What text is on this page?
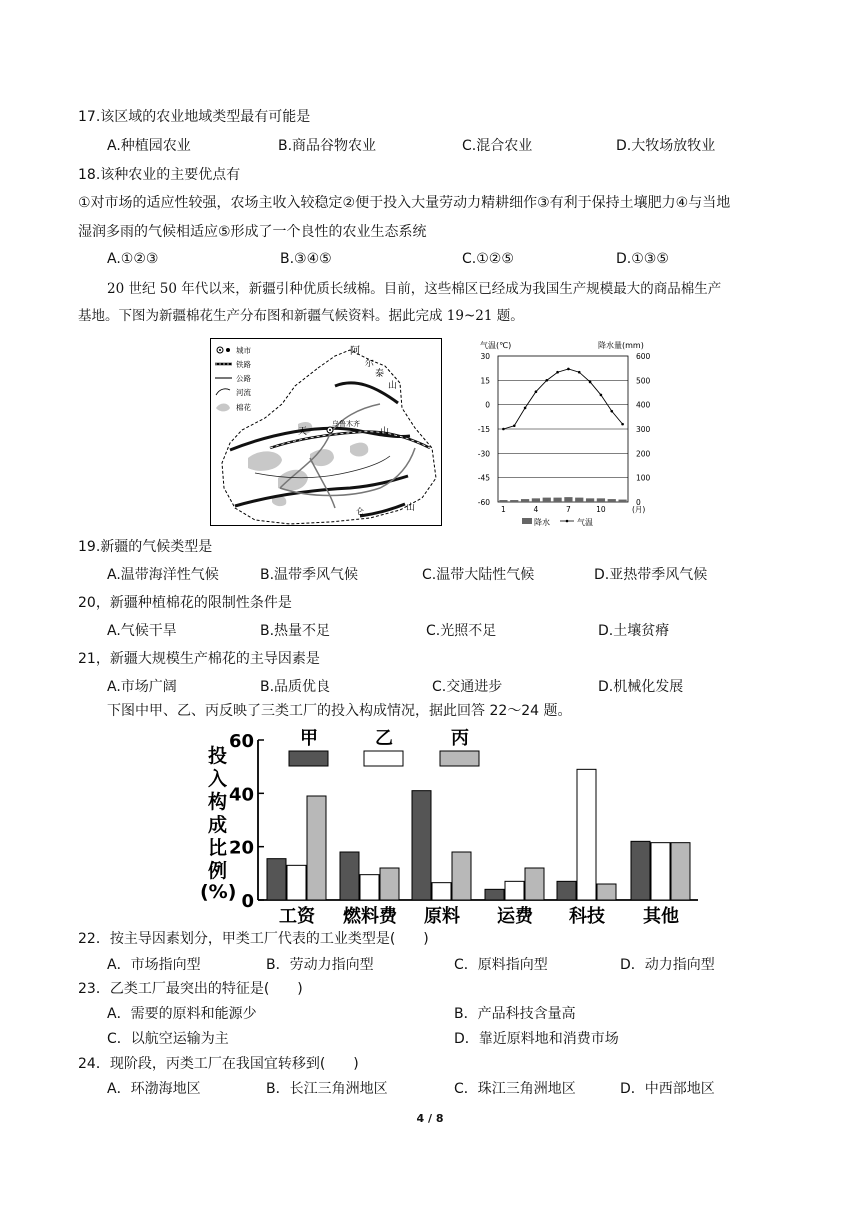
17.该区域的农业地域类型最有可能是
A.种植园农业	B.商品谷物农业	C.混合农业	D.大牧场放牧业
18.该种农业的主要优点有
①对市场的适应性较强，农场主收入较稳定②便于投入大量劳动力精耕细作③有利于保持土壤肥力④与当地
湿润多雨的气候相适应⑤形成了一个良性的农业生态系统
A.①②③	B.③④⑤	C.①②⑤	D.①③⑤
20 世纪 50 年代以来，新疆引种优质长绒棉。目前，这些棉区已经成为我国生产规模最大的商品棉生产
基地。下图为新疆棉花生产分布图和新疆气候资料。据此完成 19~21 题。
城市
铁路
公路
河流
棉花
阿
尔
泰
山
乌鲁木齐
天	山
山
仑
气温(℃)	降水量(mm)
30
15
0
-15
-30
-45
-60
600
500
400
300
200
100
0
1	4	7	10	(月)
降水	气温
19.新疆的气候类型是
A.温带海洋性气候	B.温带季风气候	C.温带大陆性气候	D.亚热带季风气候
20，新疆种植棉花的限制性条件是
A.气候干旱	B.热量不足	C.光照不足	D.土壤贫瘠
21，新疆大规模生产棉花的主导因素是
A.市场广阔	B.品质优良	C.交通进步	D.机械化发展
下图中甲、乙、丙反映了三类工厂的投入构成情况，据此回答 22～24 题。
投
入
构
成
比
例
(%) 0
20
40
60	甲	乙	丙
工资 燃料费 原料 运费 科技 其他
22．按主导因素划分，甲类工厂代表的工业类型是(　　)
A．市场指向型	B．劳动力指向型	C．原料指向型	D．动力指向型
23．乙类工厂最突出的特征是(　　)
A．需要的原料和能源少	B．产品科技含量高
C．以航空运输为主	D．靠近原料地和消费市场
24．现阶段，丙类工厂在我国宜转移到(　　)
A．环渤海地区	B．长江三角洲地区	C．珠江三角洲地区	D．中西部地区
4 / 8
